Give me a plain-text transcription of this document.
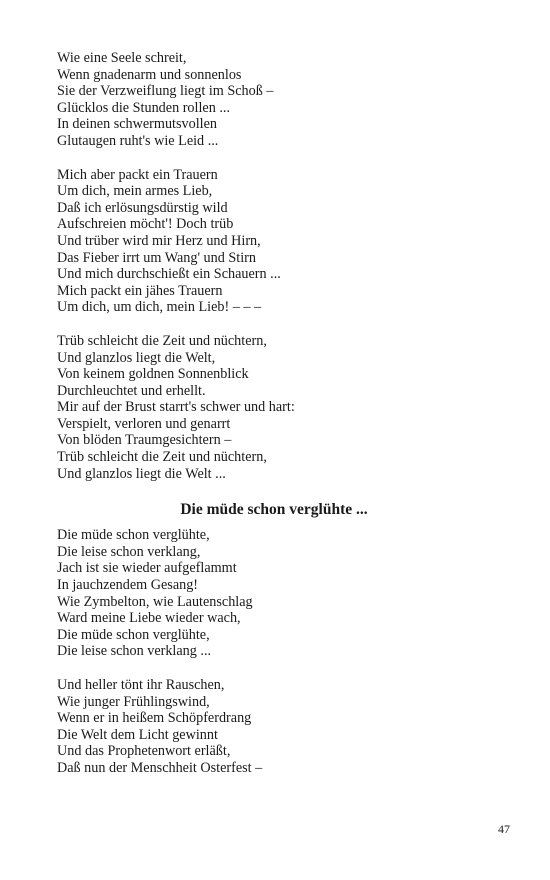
Wie eine Seele schreit,
Wenn gnadenarm und sonnenlos
Sie der Verzweiflung liegt im Schoß –
Glücklos die Stunden rollen ...
In deinen schwermutsvollen
Glutaugen ruht's wie Leid ...
Mich aber packt ein Trauern
Um dich, mein armes Lieb,
Daß ich erlösungsdürstig wild
Aufschreien möcht'! Doch trüb
Und trüber wird mir Herz und Hirn,
Das Fieber irrt um Wang' und Stirn
Und mich durchschießt ein Schauern ...
Mich packt ein jähes Trauern
Um dich, um dich, mein Lieb! – – –
Trüb schleicht die Zeit und nüchtern,
Und glanzlos liegt die Welt,
Von keinem goldnen Sonnenblick
Durchleuchtet und erhellt.
Mir auf der Brust starrt's schwer und hart:
Verspielt, verloren und genarrt
Von blöden Traumgesichtern –
Trüb schleicht die Zeit und nüchtern,
Und glanzlos liegt die Welt ...
Die müde schon verglühte ...
Die müde schon verglühte,
Die leise schon verklang,
Jach ist sie wieder aufgeflammt
In jauchzendem Gesang!
Wie Zymbelton, wie Lautenschlag
Ward meine Liebe wieder wach,
Die müde schon verglühte,
Die leise schon verklang ...
Und heller tönt ihr Rauschen,
Wie junger Frühlingswind,
Wenn er in heißem Schöpferdrang
Die Welt dem Licht gewinnt
Und das Prophetenwort erläßt,
Daß nun der Menschheit Osterfest –
47
